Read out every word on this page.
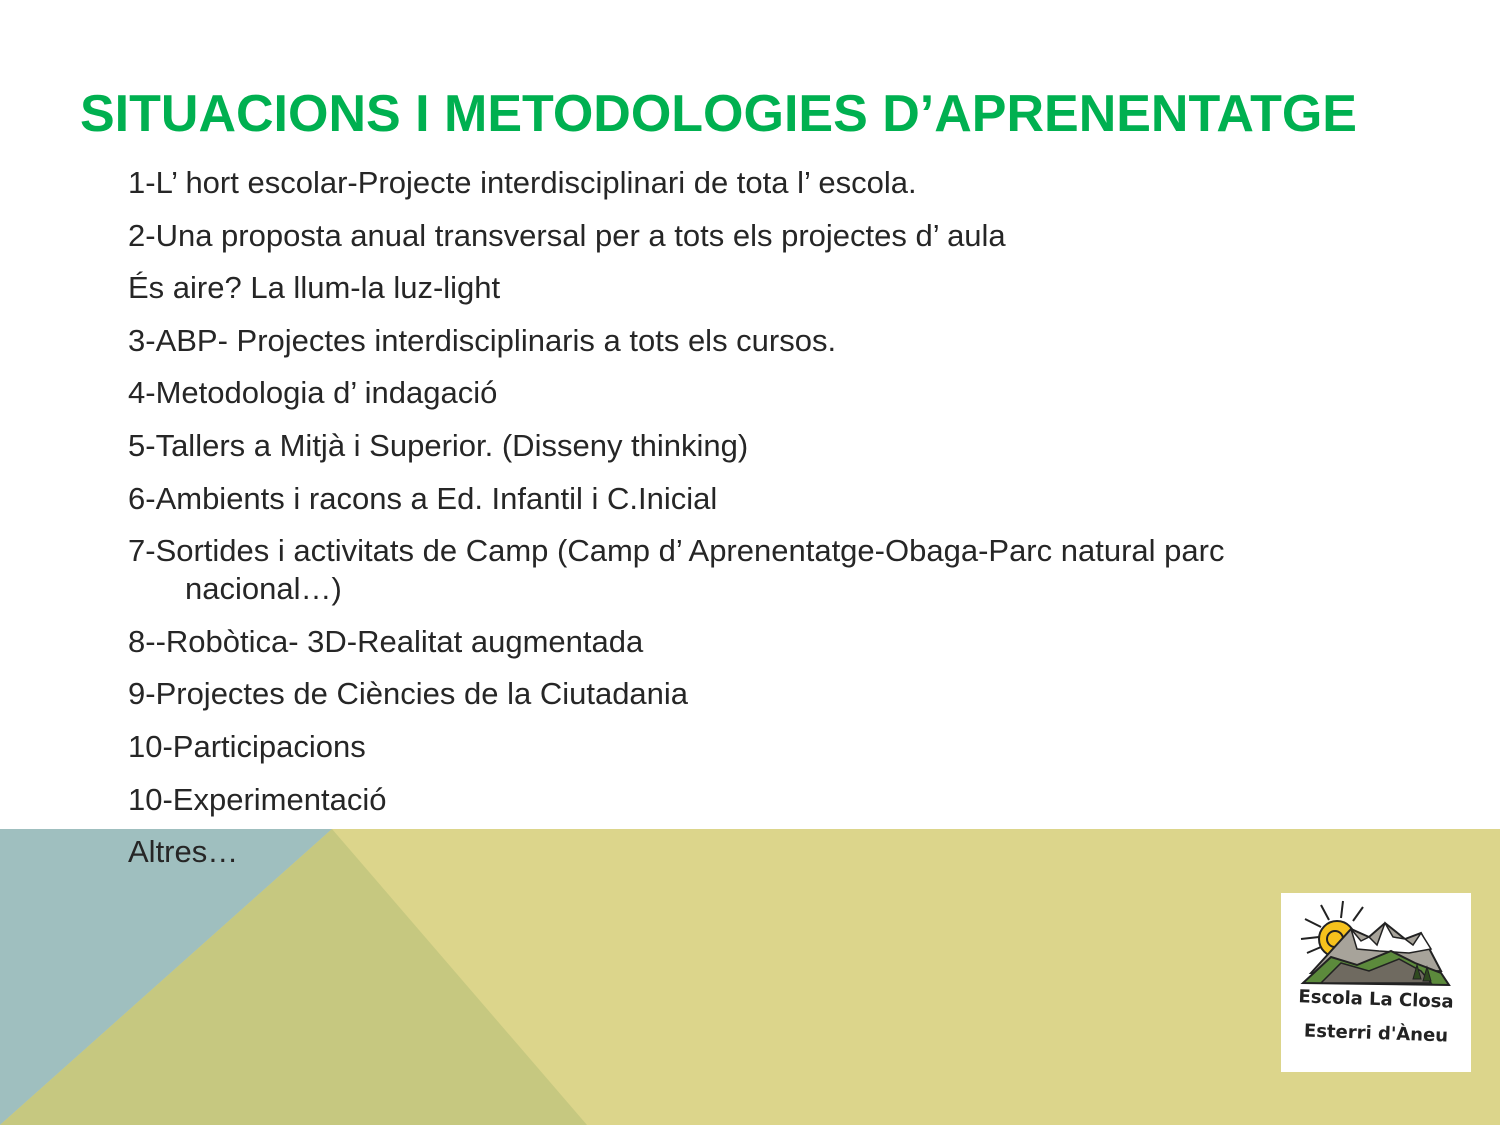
SITUACIONS I METODOLOGIES D’APRENENTATGE
1-L’ hort escolar-Projecte interdisciplinari de tota l’ escola.
2-Una proposta anual transversal per a tots els projectes d’ aula
És aire? La llum-la luz-light
3-ABP- Projectes interdisciplinaris a tots els cursos.
4-Metodologia d’ indagació
5-Tallers a Mitjà i Superior. (Disseny thinking)
6-Ambients i racons a Ed. Infantil i C.Inicial
7-Sortides i activitats de Camp (Camp d’ Aprenentatge-Obaga-Parc natural parc nacional…)
8--Robòtica- 3D-Realitat augmentada
9-Projectes de Ciències de la Ciutadania
10-Participacions
10-Experimentació
Altres…
Escola La Closa
Esterri d'Àneu
